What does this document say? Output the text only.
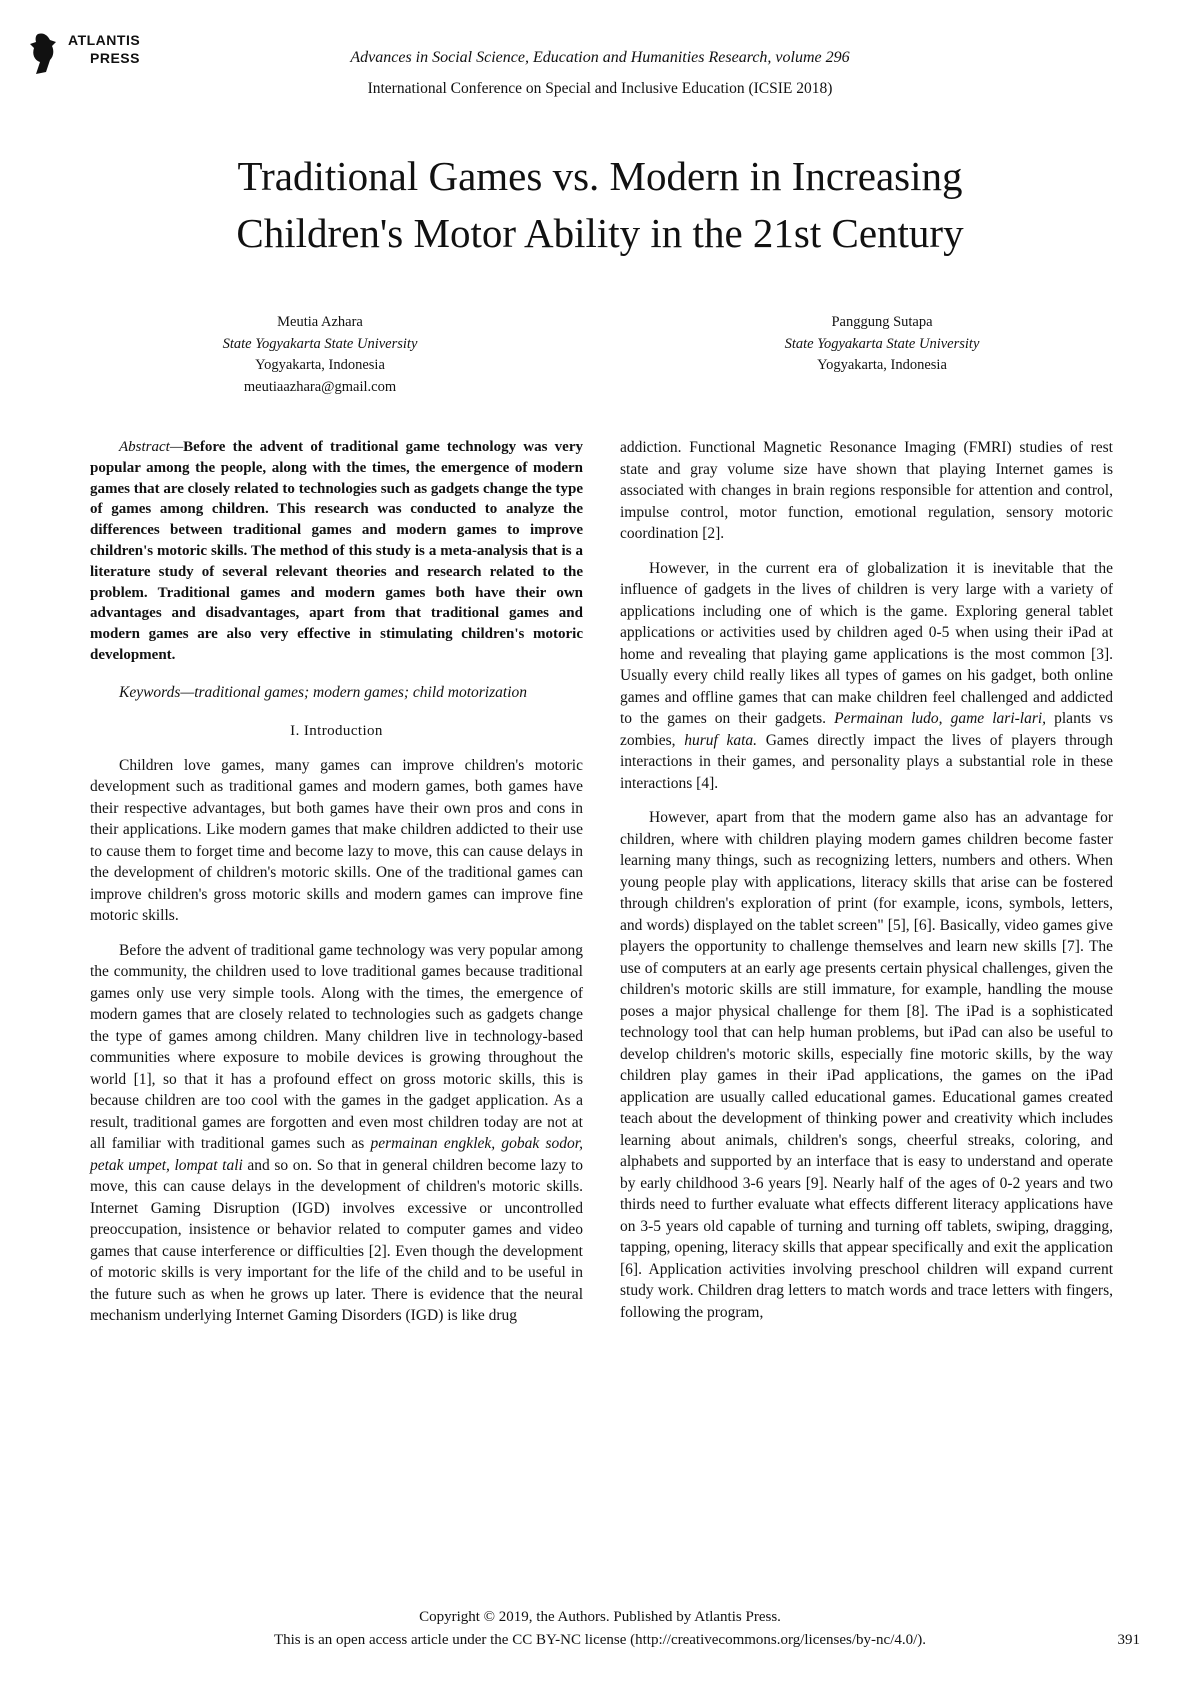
ATLANTIS
PRESS	Advances in Social Science, Education and Humanities Research, volume 296
International Conference on Special and Inclusive Education (ICSIE 2018)
Traditional Games vs. Modern in Increasing
Children's Motor Ability in the 21st Century
Meutia Azhara
State Yogyakarta State University
Yogyakarta, Indonesia
meutiaazhara@gmail.com
Panggung Sutapa
State Yogyakarta State University
Yogyakarta, Indonesia

Abstract—Before the advent of traditional game technology was very popular among the people, along with the times, the emergence of modern games that are closely related to technologies such as gadgets change the type of games among children. This research was conducted to analyze the differences between traditional games and modern games to improve children's motoric skills. The method of this study is a meta-analysis that is a literature study of several relevant theories and research related to the problem. Traditional games and modern games both have their own advantages and disadvantages, apart from that traditional games and modern games are also very effective in stimulating children's motoric development.

Keywords—traditional games; modern games; child motorization

I. Introduction

Children love games, many games can improve children's motoric development such as traditional games and modern games, both games have their respective advantages, but both games have their own pros and cons in their applications. Like modern games that make children addicted to their use to cause them to forget time and become lazy to move, this can cause delays in the development of children's motoric skills. One of the traditional games can improve children's gross motoric skills and modern games can improve fine motoric skills.

Before the advent of traditional game technology was very popular among the community, the children used to love traditional games because traditional games only use very simple tools. Along with the times, the emergence of modern games that are closely related to technologies such as gadgets change the type of games among children. Many children live in technology-based communities where exposure to mobile devices is growing throughout the world [1], so that it has a profound effect on gross motoric skills, this is because children are too cool with the games in the gadget application. As a result, traditional games are forgotten and even most children today are not at all familiar with traditional games such as permainan engklek, gobak sodor, petak umpet, lompat tali and so on. So that in general children become lazy to move, this can cause delays in the development of children's motoric skills. Internet Gaming Disruption (IGD) involves excessive or uncontrolled preoccupation, insistence or behavior related to computer games and video games that cause interference or difficulties [2]. Even though the development of motoric skills is very important for the life of the child and to be useful in the future such as when he grows up later. There is evidence that the neural mechanism underlying Internet Gaming Disorders (IGD) is like drug

addiction. Functional Magnetic Resonance Imaging (FMRI) studies of rest state and gray volume size have shown that playing Internet games is associated with changes in brain regions responsible for attention and control, impulse control, motor function, emotional regulation, sensory motoric coordination [2].

However, in the current era of globalization it is inevitable that the influence of gadgets in the lives of children is very large with a variety of applications including one of which is the game. Exploring general tablet applications or activities used by children aged 0-5 when using their iPad at home and revealing that playing game applications is the most common [3]. Usually every child really likes all types of games on his gadget, both online games and offline games that can make children feel challenged and addicted to the games on their gadgets. Permainan ludo, game lari-lari, plants vs zombies, huruf kata. Games directly impact the lives of players through interactions in their games, and personality plays a substantial role in these interactions [4].

However, apart from that the modern game also has an advantage for children, where with children playing modern games children become faster learning many things, such as recognizing letters, numbers and others. When young people play with applications, literacy skills that arise can be fostered through children's exploration of print (for example, icons, symbols, letters, and words) displayed on the tablet screen" [5], [6]. Basically, video games give players the opportunity to challenge themselves and learn new skills [7]. The use of computers at an early age presents certain physical challenges, given the children's motoric skills are still immature, for example, handling the mouse poses a major physical challenge for them [8]. The iPad is a sophisticated technology tool that can help human problems, but iPad can also be useful to develop children's motoric skills, especially fine motoric skills, by the way children play games in their iPad applications, the games on the iPad application are usually called educational games. Educational games created teach about the development of thinking power and creativity which includes learning about animals, children's songs, cheerful streaks, coloring, and alphabets and supported by an interface that is easy to understand and operate by early childhood 3-6 years [9]. Nearly half of the ages of 0-2 years and two thirds need to further evaluate what effects different literacy applications have on 3-5 years old capable of turning and turning off tablets, swiping, dragging, tapping, opening, literacy skills that appear specifically and exit the application [6]. Application activities involving preschool children will expand current study work. Children drag letters to match words and trace letters with fingers, following the program,

Copyright © 2019, the Authors. Published by Atlantis Press.
This is an open access article under the CC BY-NC license (http://creativecommons.org/licenses/by-nc/4.0/).	391
